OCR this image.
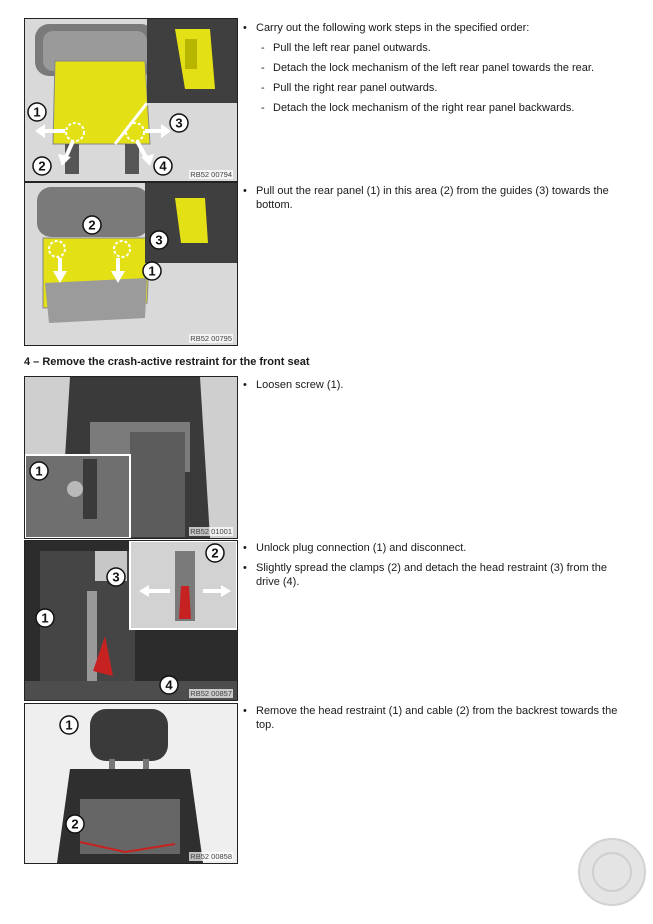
1
3
2	4
RB52 00794
• Carry out the following work steps in the specified order:
- Pull the left rear panel outwards.
- Detach the lock mechanism of the left rear panel towards the rear.
- Pull the right rear panel outwards.
- Detach the lock mechanism of the right rear panel backwards.
2
1
3
RB52 00795
• Pull out the rear panel (1) in this area (2) from the guides (3) towards the bottom.
4 – Remove the crash-active restraint for the front seat
1
RB52 01001
• Loosen screw (1).
3
2
1
4
RB52 00857
• Unlock plug connection (1) and disconnect.
• Slightly spread the clamps (2) and detach the head restraint (3) from the drive (4).
1
2
RB52 00858
• Remove the head restraint (1) and cable (2) from the backrest towards the top.
